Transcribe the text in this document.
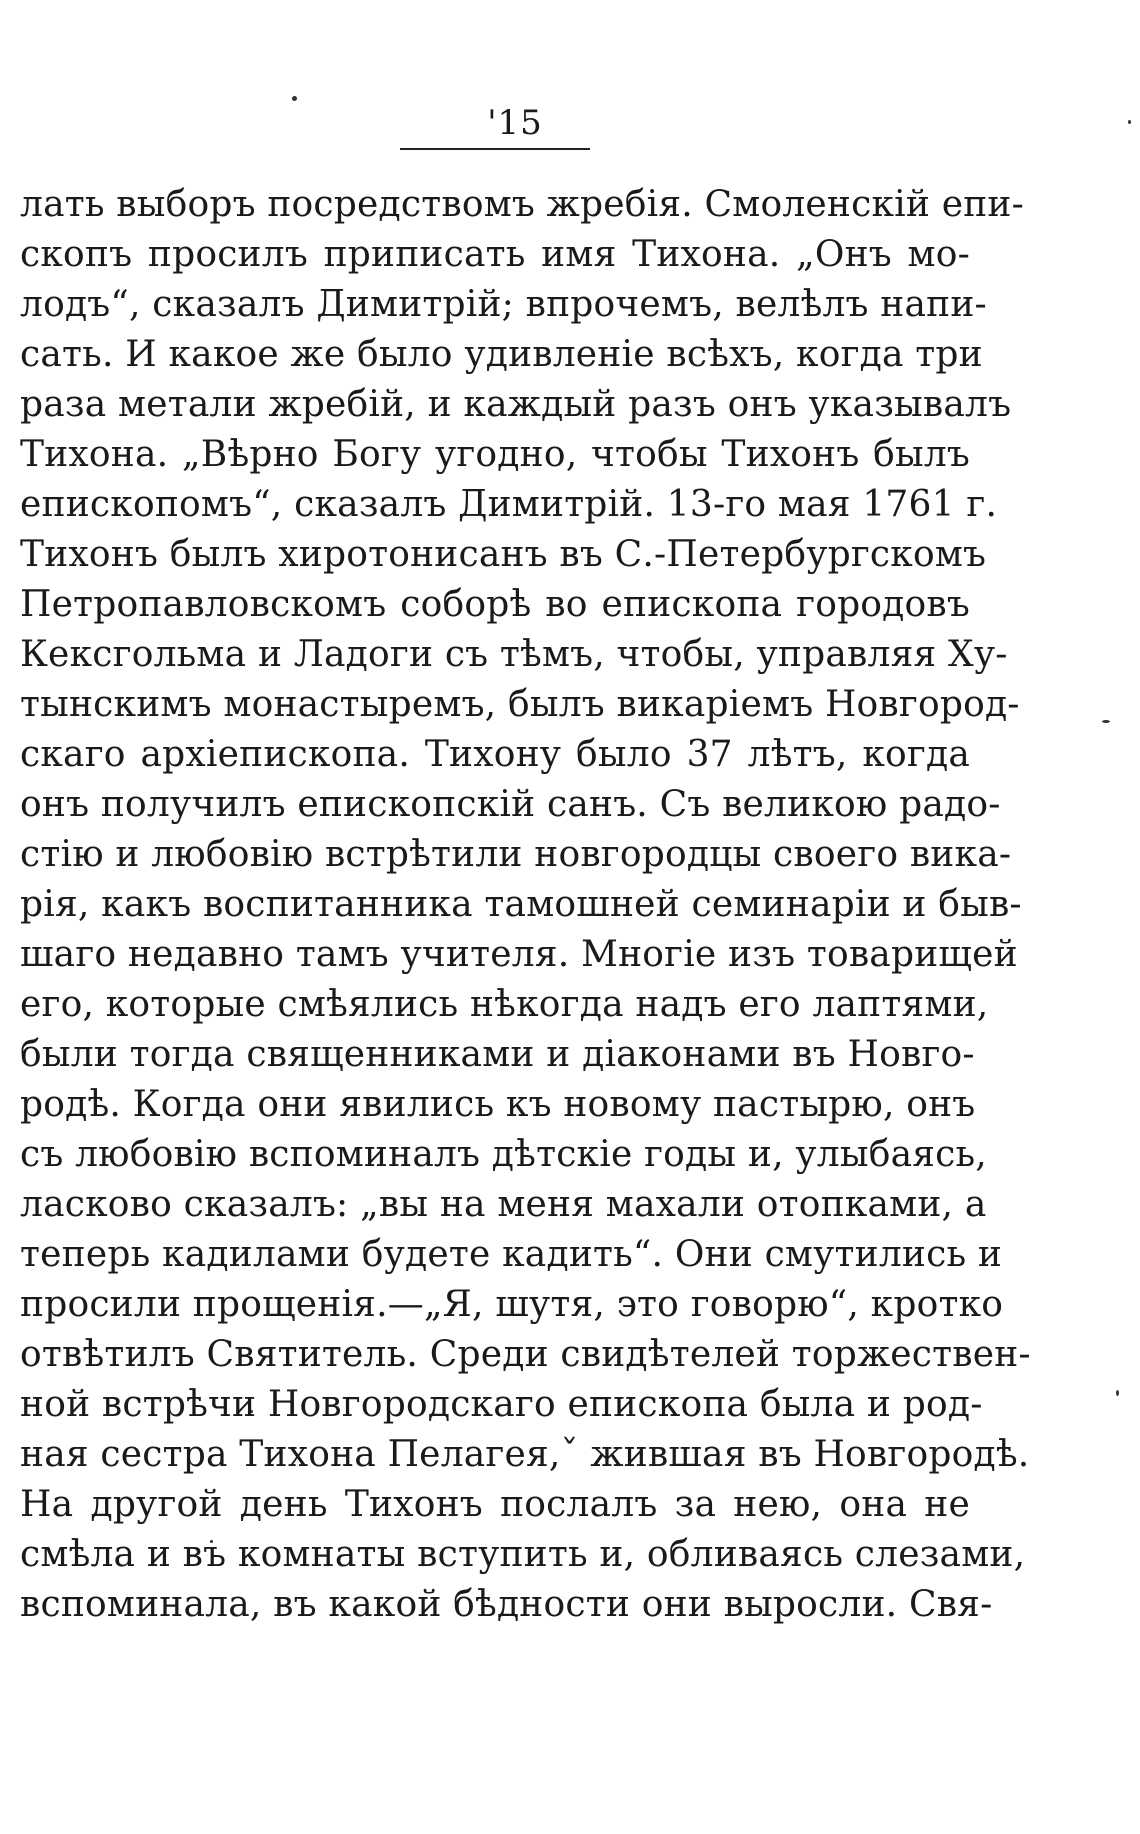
'15
лать выборъ посредствомъ жребія. Смоленскій епи-
скопъ просилъ приписать имя Тихона. „Онъ мо-
лодъ“, сказалъ Димитрій; впрочемъ, велѣлъ напи-
сать. И какое же было удивленіе всѣхъ, когда три
раза метали жребій, и каждый разъ онъ указывалъ
Тихона. „Вѣрно Богу угодно, чтобы Тихонъ былъ
епископомъ“, сказалъ Димитрій. 13-го мая 1761 г.
Тихонъ былъ хиротонисанъ въ С.-Петербургскомъ
Петропавловскомъ соборѣ во епископа городовъ
Кексгольма и Ладоги съ тѣмъ, чтобы, управляя Ху-
тынскимъ монастыремъ, былъ викаріемъ Новгород-
скаго архіепископа. Тихону было 37 лѣтъ, когда
онъ получилъ епископскій санъ. Съ великою радо-
стію и любовію встрѣтили новгородцы своего вика-
рія, какъ воспитанника тамошней семинаріи и быв-
шаго недавно тамъ учителя. Многіе изъ товарищей
его, которые смѣялись нѣкогда надъ его лаптями,
были тогда священниками и діаконами въ Новго-
родѣ. Когда они явились къ новому пастырю, онъ
съ любовію вспоминалъ дѣтскіе годы и, улыбаясь,
ласково сказалъ: „вы на меня махали отопками, а
теперь кадилами будете кадить“. Они смутились и
просили прощенія.—„Я, шутя, это говорю“, кротко
отвѣтилъ Святитель. Среди свидѣтелей торжествен-
ной встрѣчи Новгородскаго епископа была и род-
ная сестра Тихона Пелагея,ˇ жившая въ Новгородѣ.
На другой день Тихонъ послалъ за нею, она не
смѣла и въ комнаты вступить и, обливаясь слезами,
вспоминала, въ какой бѣдности они выросли. Свя-
